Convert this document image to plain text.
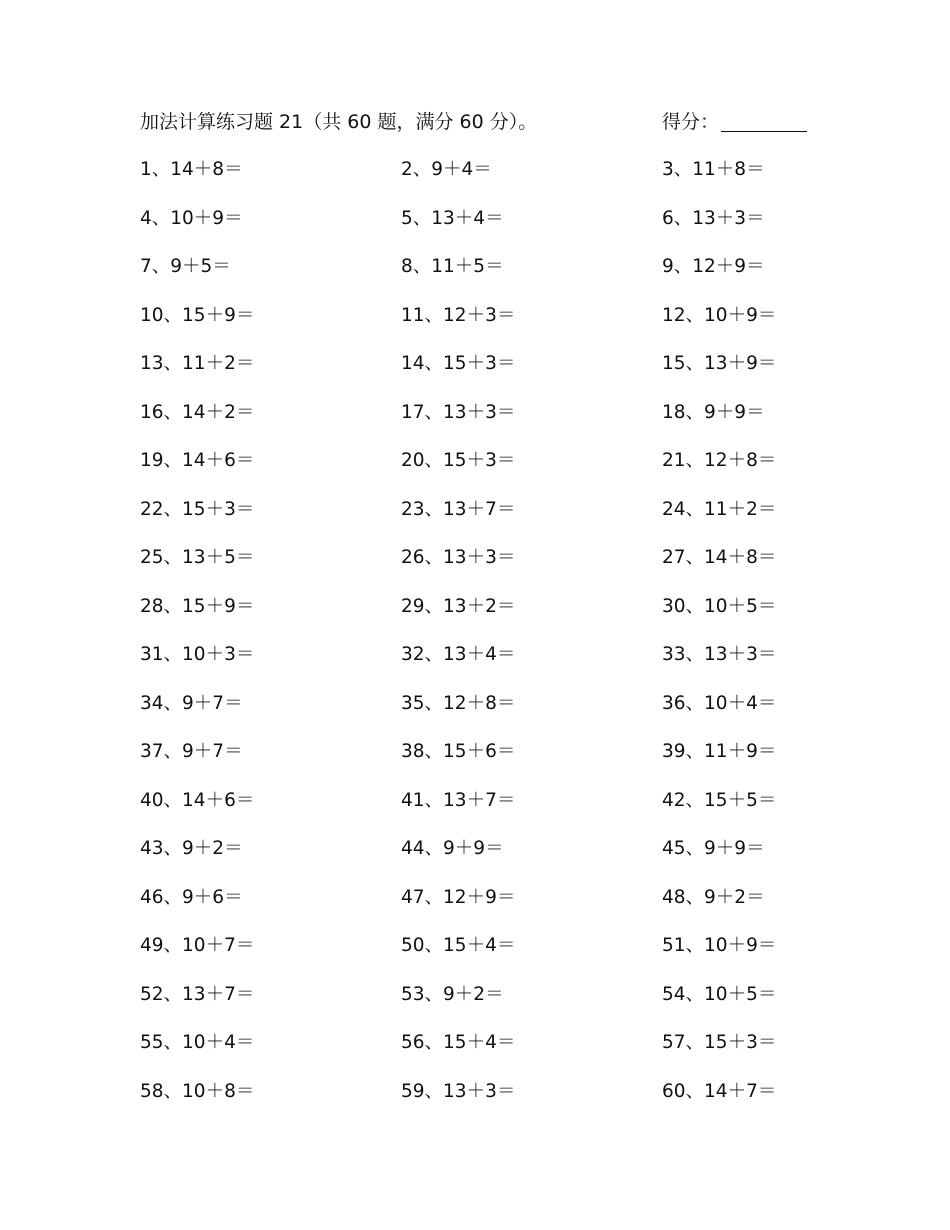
加法计算练习题 21（共 60 题，满分 60 分）。	得分：
1、14＋8＝	2、9＋4＝	3、11＋8＝
4、10＋9＝	5、13＋4＝	6、13＋3＝
7、9＋5＝	8、11＋5＝	9、12＋9＝
10、15＋9＝	11、12＋3＝	12、10＋9＝
13、11＋2＝	14、15＋3＝	15、13＋9＝
16、14＋2＝	17、13＋3＝	18、9＋9＝
19、14＋6＝	20、15＋3＝	21、12＋8＝
22、15＋3＝	23、13＋7＝	24、11＋2＝
25、13＋5＝	26、13＋3＝	27、14＋8＝
28、15＋9＝	29、13＋2＝	30、10＋5＝
31、10＋3＝	32、13＋4＝	33、13＋3＝
34、9＋7＝	35、12＋8＝	36、10＋4＝
37、9＋7＝	38、15＋6＝	39、11＋9＝
40、14＋6＝	41、13＋7＝	42、15＋5＝
43、9＋2＝	44、9＋9＝	45、9＋9＝
46、9＋6＝	47、12＋9＝	48、9＋2＝
49、10＋7＝	50、15＋4＝	51、10＋9＝
52、13＋7＝	53、9＋2＝	54、10＋5＝
55、10＋4＝	56、15＋4＝	57、15＋3＝
58、10＋8＝	59、13＋3＝	60、14＋7＝
